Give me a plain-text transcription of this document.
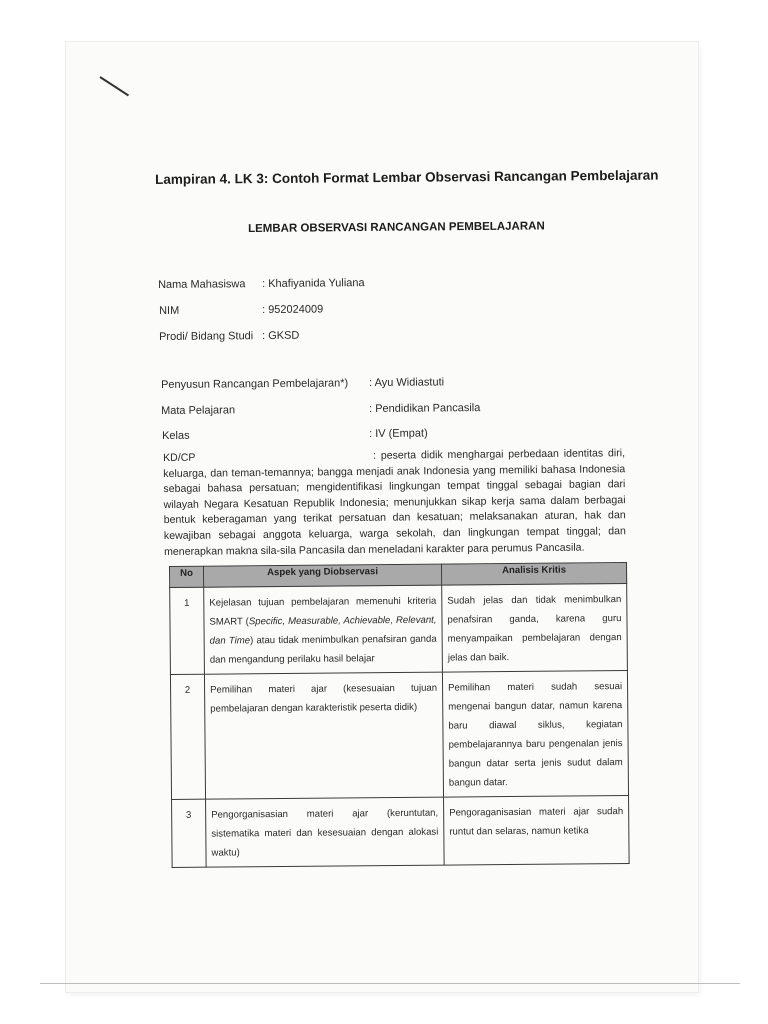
Lampiran 4. LK 3: Contoh Format Lembar Observasi Rancangan Pembelajaran
LEMBAR OBSERVASI RANCANGAN PEMBELAJARAN
Nama Mahasiswa : Khafiyanida Yuliana
NIM	: 952024009
Prodi/ Bidang Studi : GKSD
Penyusun Rancangan Pembelajaran*) : Ayu Widiastuti
Mata Pelajaran	: Pendidikan Pancasila
Kelas	: IV (Empat)
KD/CP	: peserta didik menghargai perbedaan identitas diri, keluarga, dan teman-temannya; bangga menjadi anak Indonesia yang memiliki bahasa Indonesia sebagai bahasa persatuan; mengidentifikasi lingkungan tempat tinggal sebagai bagian dari wilayah Negara Kesatuan Republik Indonesia; menunjukkan sikap kerja sama dalam berbagai bentuk keberagaman yang terikat persatuan dan kesatuan; melaksanakan aturan, hak dan kewajiban sebagai anggota keluarga, warga sekolah, dan lingkungan tempat tinggal; dan menerapkan makna sila-sila Pancasila dan meneladani karakter para perumus Pancasila.
No	Aspek yang Diobservasi	Analisis Kritis
1	Kejelasan tujuan pembelajaran memenuhi kriteria SMART (Specific, Measurable, Achievable, Relevant, dan Time) atau tidak menimbulkan penafsiran ganda dan mengandung perilaku hasil belajar	Sudah jelas dan tidak menimbulkan penafsiran ganda, karena guru menyampaikan pembelajaran dengan jelas dan baik.
2	Pemilihan materi ajar (kesesuaian tujuan pembelajaran dengan karakteristik peserta didik)	Pemilihan materi sudah sesuai mengenai bangun datar, namun karena baru diawal siklus, kegiatan pembelajarannya baru pengenalan jenis bangun datar serta jenis sudut dalam bangun datar.
3	Pengorganisasian materi ajar (keruntutan, sistematika materi dan kesesuaian dengan alokasi waktu)	Pengoraganisasian materi ajar sudah runtut dan selaras, namun ketika
